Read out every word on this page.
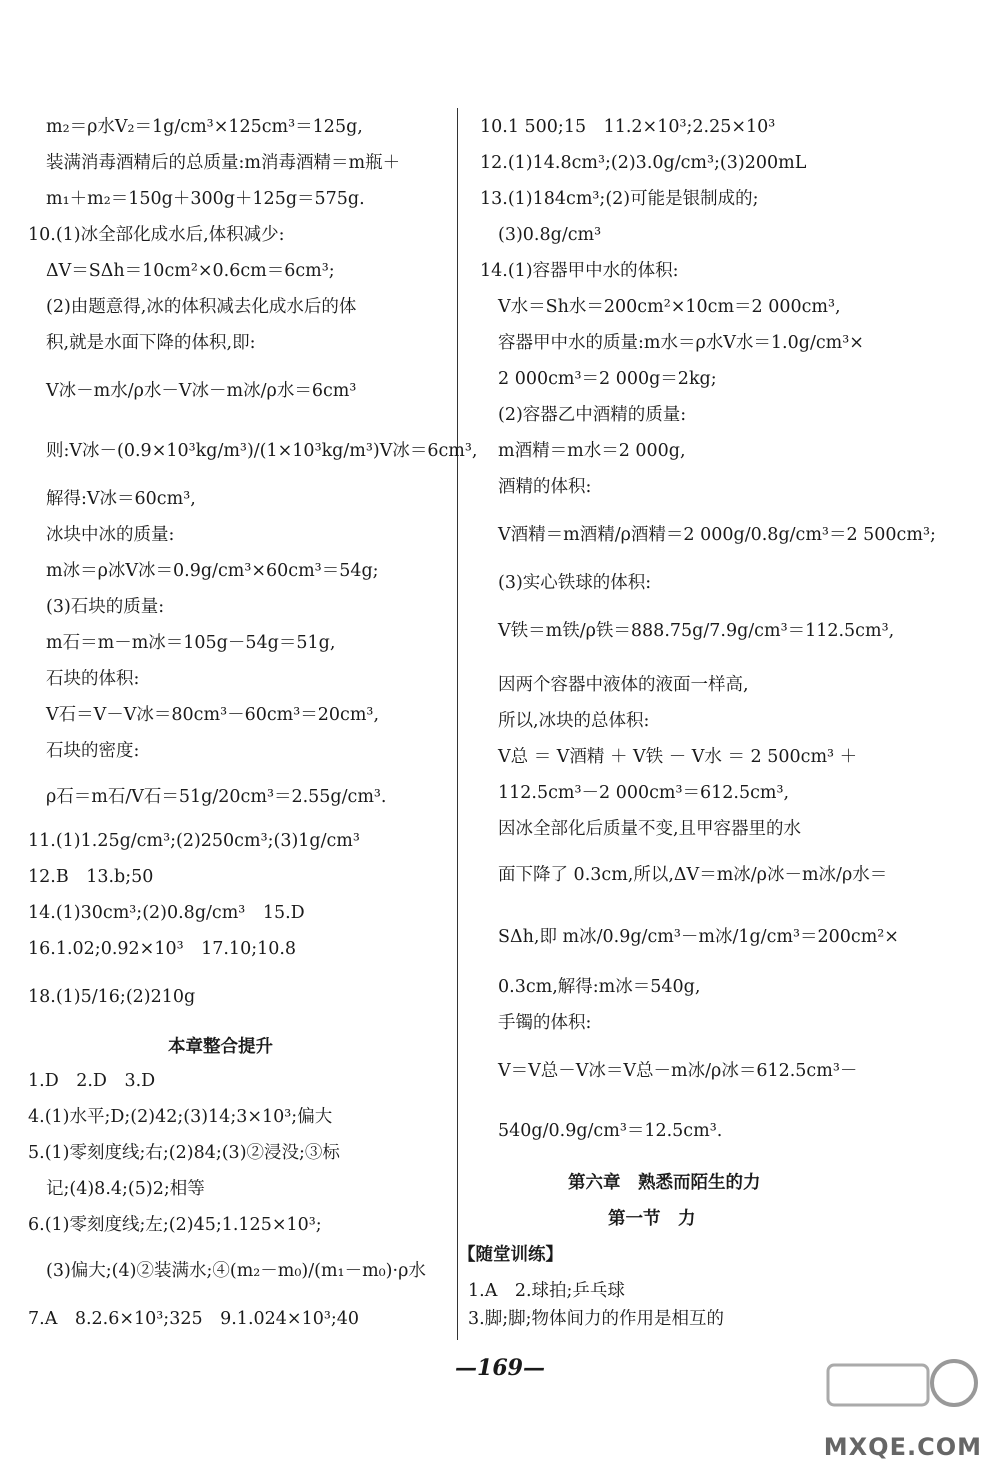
m₂＝ρ水V₂＝1g/cm³×125cm³＝125g,
装满消毒酒精后的总质量:m消毒酒精＝m瓶＋
m₁＋m₂＝150g＋300g＋125g＝575g.
10.(1)冰全部化成水后,体积减少:
ΔV＝SΔh＝10cm²×0.6cm＝6cm³;
(2)由题意得,冰的体积减去化成水后的体
积,就是水面下降的体积,即:
V冰－m水/ρ水－V冰－m冰/ρ水＝6cm³
则:V冰－(0.9×10³kg/m³)/(1×10³kg/m³)V冰＝6cm³,
解得:V冰＝60cm³,
冰块中冰的质量:
m冰＝ρ冰V冰＝0.9g/cm³×60cm³＝54g;
(3)石块的质量:
m石＝m－m冰＝105g－54g＝51g,
石块的体积:
V石＝V－V冰＝80cm³－60cm³＝20cm³,
石块的密度:
ρ石＝m石/V石＝51g/20cm³＝2.55g/cm³.
11.(1)1.25g/cm³;(2)250cm³;(3)1g/cm³
12.B　13.b;50
14.(1)30cm³;(2)0.8g/cm³　15.D
16.1.02;0.92×10³　17.10;10.8
18.(1)5/16;(2)210g
本章整合提升
1.D　2.D　3.D
4.(1)水平;D;(2)42;(3)14;3×10³;偏大
5.(1)零刻度线;右;(2)84;(3)②浸没;③标
记;(4)8.4;(5)2;相等
6.(1)零刻度线;左;(2)45;1.125×10³;
(3)偏大;(4)②装满水;④(m₂－m₀)/(m₁－m₀)·ρ水
7.A　8.2.6×10³;325　9.1.024×10³;40
10.1 500;15　11.2×10³;2.25×10³
12.(1)14.8cm³;(2)3.0g/cm³;(3)200mL
13.(1)184cm³;(2)可能是银制成的;
(3)0.8g/cm³
14.(1)容器甲中水的体积:
V水＝Sh水＝200cm²×10cm＝2 000cm³,
容器甲中水的质量:m水＝ρ水V水＝1.0g/cm³×
2 000cm³＝2 000g＝2kg;
(2)容器乙中酒精的质量:
m酒精＝m水＝2 000g,
酒精的体积:
V酒精＝m酒精/ρ酒精＝2 000g/0.8g/cm³＝2 500cm³;
(3)实心铁球的体积:
V铁＝m铁/ρ铁＝888.75g/7.9g/cm³＝112.5cm³,
因两个容器中液体的液面一样高,
所以,冰块的总体积:
V总 ＝ V酒精 ＋ V铁 － V水 ＝ 2 500cm³ ＋
112.5cm³－2 000cm³＝612.5cm³,
因冰全部化后质量不变,且甲容器里的水
面下降了 0.3cm,所以,ΔV＝m冰/ρ冰－m冰/ρ水＝
SΔh,即 m冰/0.9g/cm³－m冰/1g/cm³＝200cm²×
0.3cm,解得:m冰＝540g,
手镯的体积:
V＝V总－V冰＝V总－m冰/ρ冰＝612.5cm³－
540g/0.9g/cm³＝12.5cm³.
第六章　熟悉而陌生的力
第一节　力
【随堂训练】
1.A　2.球拍;乒乓球
3.脚;脚;物体间力的作用是相互的
—169—
MXQE.COM
